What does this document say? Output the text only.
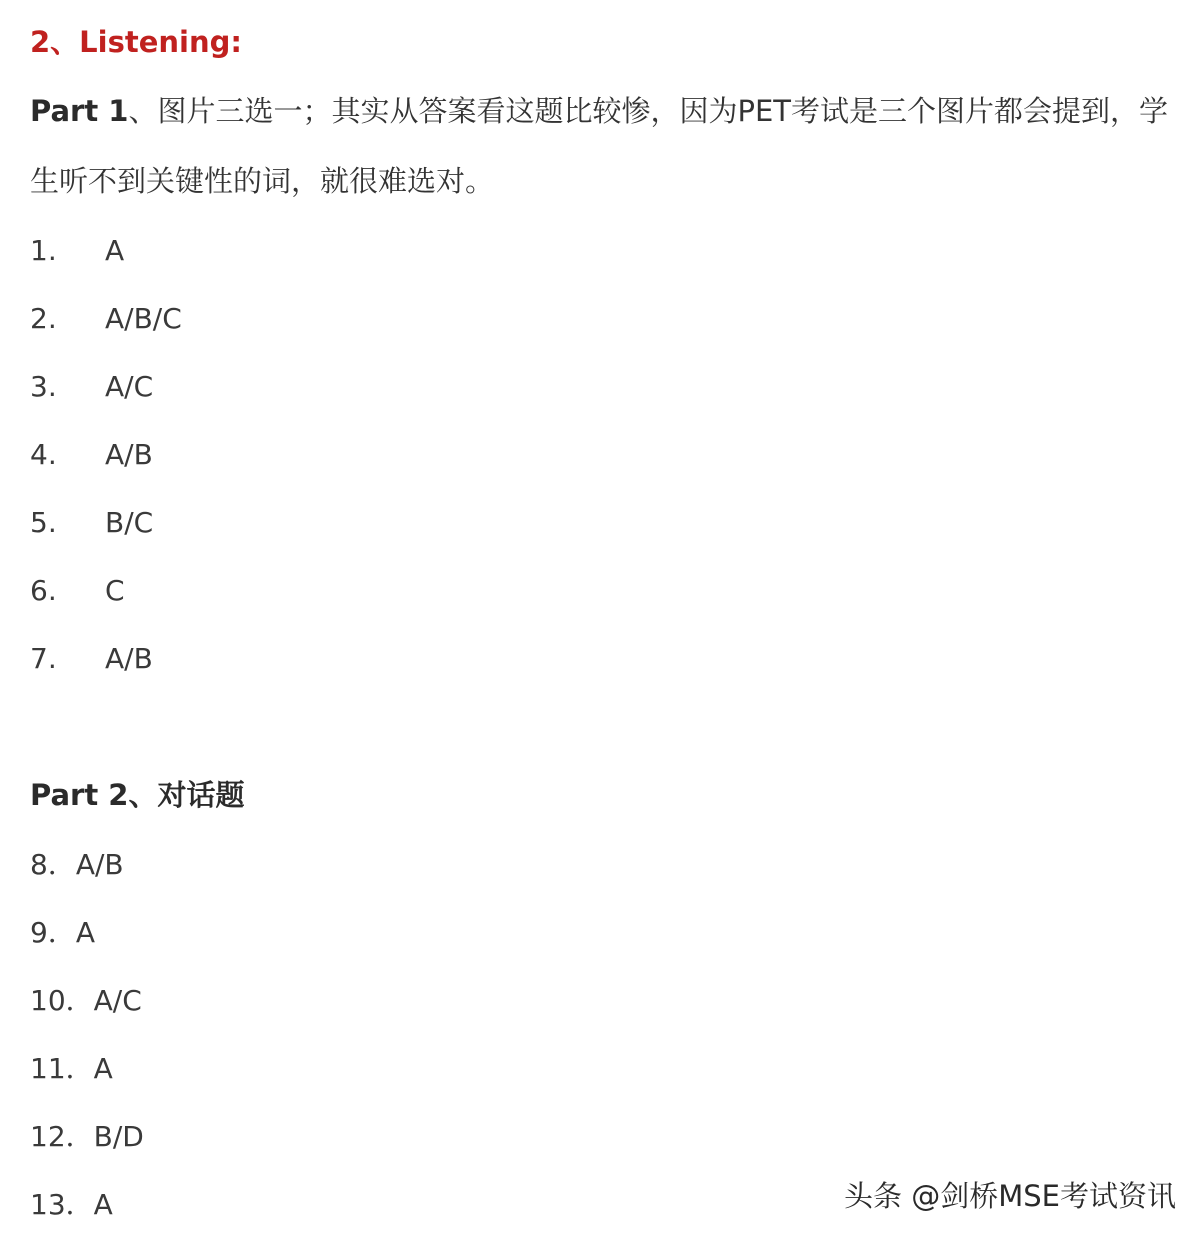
2、Listening:
Part 1、图片三选一；其实从答案看这题比较惨，因为PET考试是三个图片都会提到，学生听不到关键性的词，就很难选对。
1. A
2. A/B/C
3. A/C
4. A/B
5. B/C
6. C
7. A/B
Part 2、对话题
8．A/B
9．A
10．A/C
11．A
12．B/D
13．A	头条 @剑桥MSE考试资讯
